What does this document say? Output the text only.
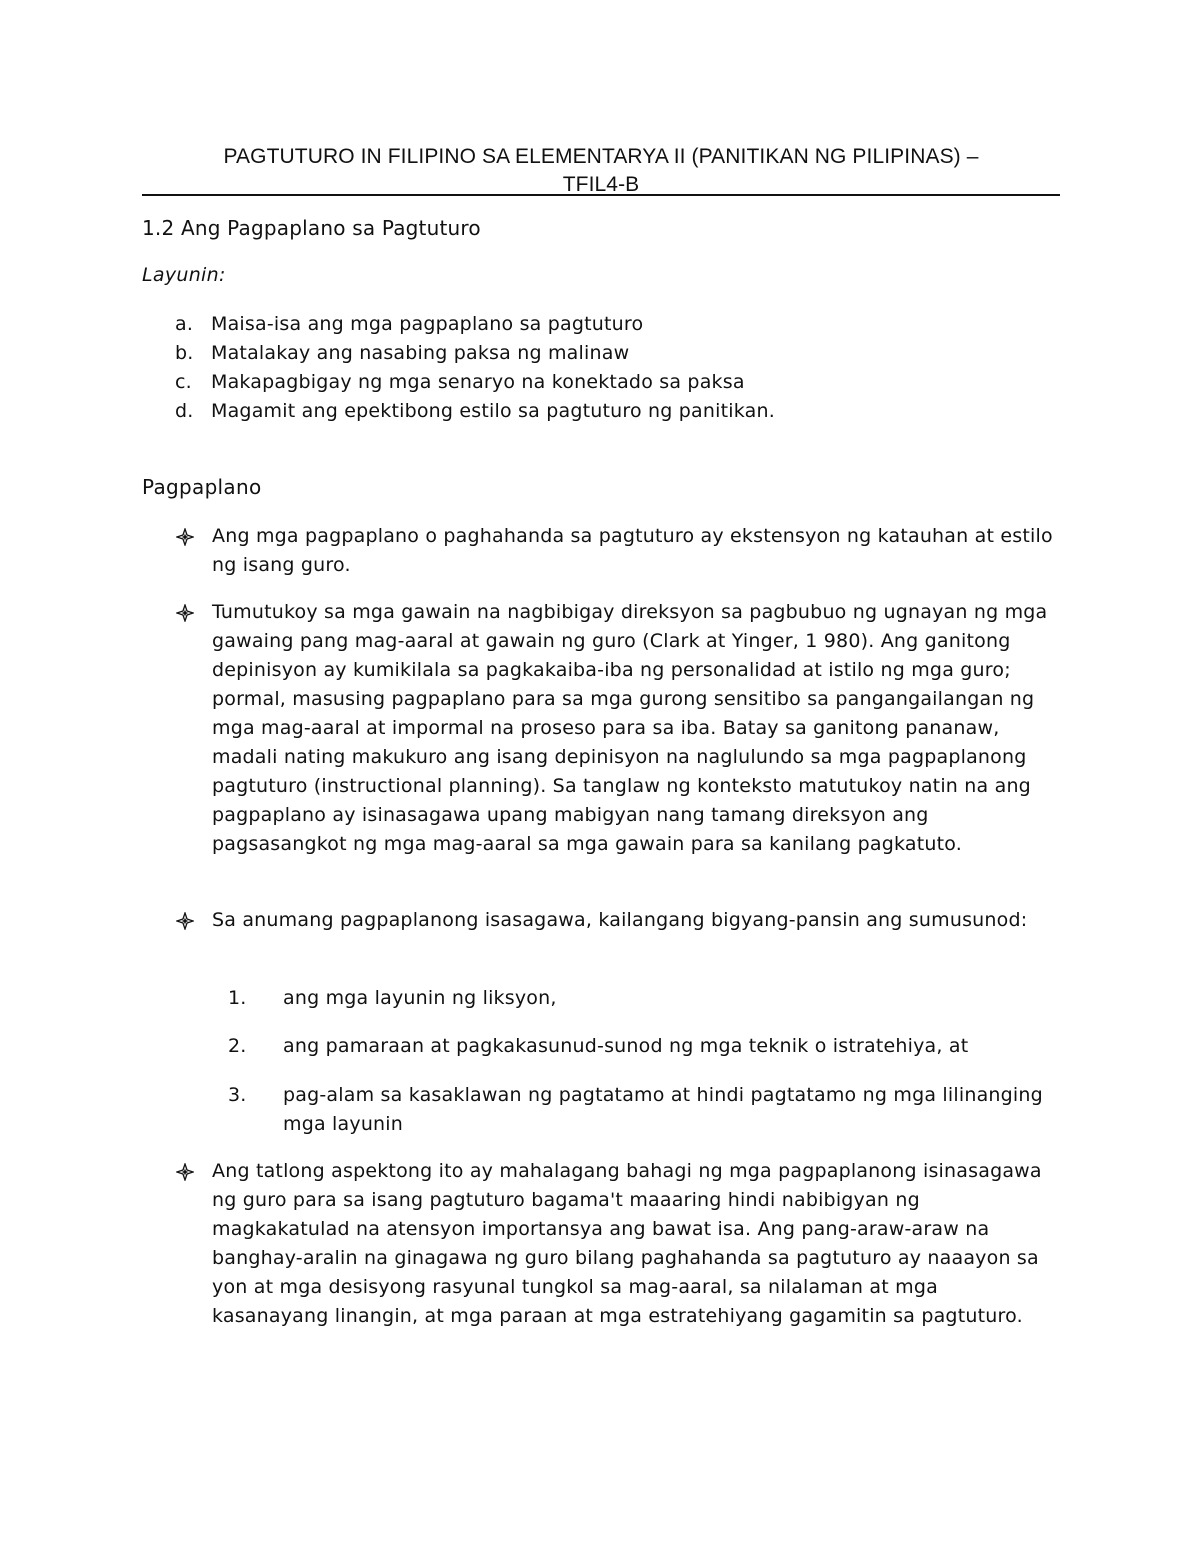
PAGTUTURO IN FILIPINO SA ELEMENTARYA II (PANITIKAN NG PILIPINAS) –
TFIL4-B
1.2 Ang Pagpaplano sa Pagtuturo
Layunin:
a. Maisa-isa ang mga pagpaplano sa pagtuturo
b. Matalakay ang nasabing paksa ng malinaw
c. Makapagbigay ng mga senaryo na konektado sa paksa
d. Magamit ang epektibong estilo sa pagtuturo ng panitikan.
Pagpaplano
Ang mga pagpaplano o paghahanda sa pagtuturo ay ekstensyon ng katauhan at estilo ng isang guro.
Tumutukoy sa mga gawain na nagbibigay direksyon sa pagbubuo ng ugnayan ng mga gawaing pang mag-aaral at gawain ng guro (Clark at Yinger, 1 980). Ang ganitong depinisyon ay kumikilala sa pagkakaiba-iba ng personalidad at istilo ng mga guro; pormal, masusing pagpaplano para sa mga gurong sensitibo sa pangangailangan ng mga mag-aaral at impormal na proseso para sa iba. Batay sa ganitong pananaw, madali nating makukuro ang isang depinisyon na naglulundo sa mga pagpaplanong pagtuturo (instructional planning). Sa tanglaw ng konteksto matutukoy natin na ang pagpaplano ay isinasagawa upang mabigyan nang tamang direksyon ang pagsasangkot ng mga mag-aaral sa mga gawain para sa kanilang pagkatuto.
Sa anumang pagpaplanong isasagawa, kailangang bigyang-pansin ang sumusunod:
1. ang mga layunin ng liksyon,
2. ang pamaraan at pagkakasunud-sunod ng mga teknik o istratehiya, at
3. pag-alam sa kasaklawan ng pagtatamo at hindi pagtatamo ng mga lilinanging mga layunin
Ang tatlong aspektong ito ay mahalagang bahagi ng mga pagpaplanong isinasagawa ng guro para sa isang pagtuturo bagama't maaaring hindi nabibigyan ng magkakatulad na atensyon importansya ang bawat isa. Ang pang-araw-araw na banghay-aralin na ginagawa ng guro bilang paghahanda sa pagtuturo ay naaayon sa yon at mga desisyong rasyunal tungkol sa mag-aaral, sa nilalaman at mga kasanayang linangin, at mga paraan at mga estratehiyang gagamitin sa pagtuturo.
